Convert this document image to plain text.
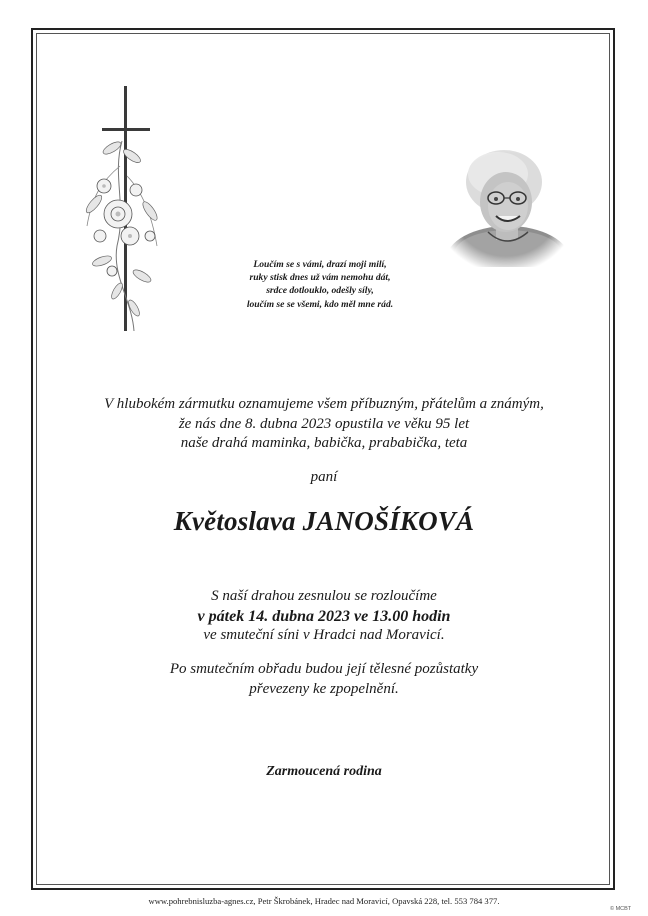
Loučím se s vámi, drazí moji milí,
ruky stisk dnes už vám nemohu dát,
srdce dotlouklo, odešly síly,
loučím se se všemi, kdo měl mne rád.
V hlubokém zármutku oznamujeme všem příbuzným, přátelům a známým,
že nás dne 8. dubna 2023 opustila ve věku 95 let
naše drahá maminka, babička, prababička, teta
paní
Květoslava JANOŠÍKOVÁ
S naší drahou zesnulou se rozloučíme
v pátek 14. dubna 2023 ve 13.00 hodin
ve smuteční síni v Hradci nad Moravicí.
Po smutečním obřadu budou její tělesné pozůstatky
převezeny ke zpopelnění.
Zarmoucená rodina
www.pohrebnisluzba-agnes.cz, Petr Škrobánek, Hradec nad Moravicí, Opavská 228, tel. 553 784 377.
© MCBT
